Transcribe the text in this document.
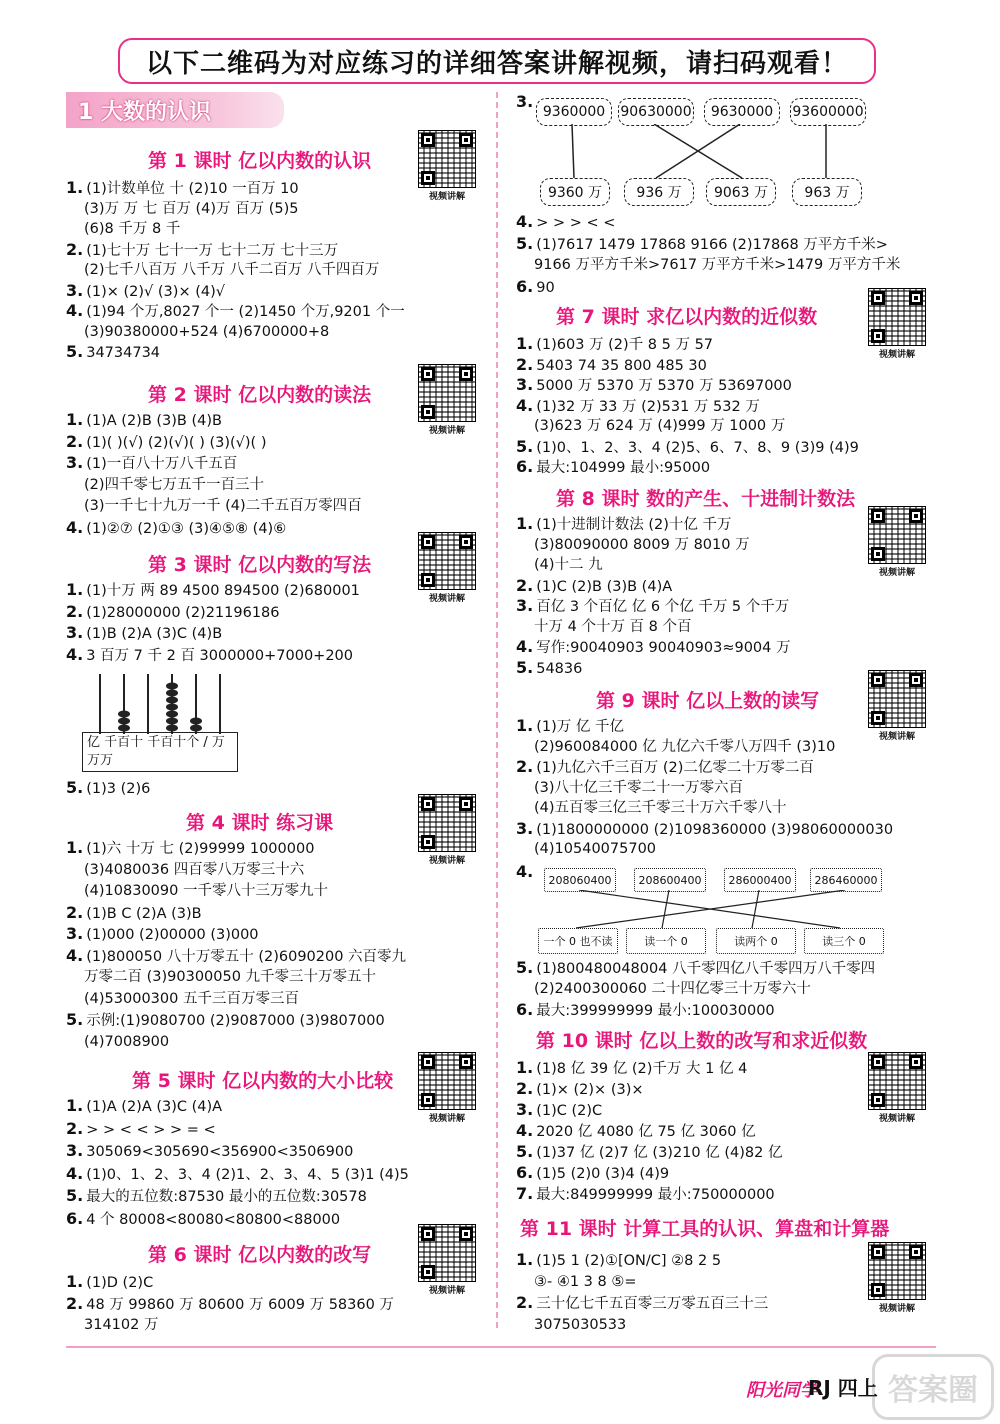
以下二维码为对应练习的详细答案讲解视频，请扫码观看！
1 大数的认识
第 1 课时 亿以内数的认识
视频讲解
1. (1)计数单位 十 (2)10 一百万 10
(3)万 万 七 百万 (4)万 百万 (5)5
(6)8 千万 8 千
2. (1)七十万 七十一万 七十二万 七十三万
(2)七千八百万 八千万 八千二百万 八千四百万
3. (1)× (2)√ (3)× (4)√
4. (1)94 个万,8027 个一 (2)1450 个万,9201 个一
(3)90380000+524 (4)6700000+8
5. 34734734
第 2 课时 亿以内数的读法
视频讲解
1. (1)A (2)B (3)B (4)B
2. (1)( )(√) (2)(√)( ) (3)(√)( )
3. (1)一百八十万八千五百
(2)四千零七万五千一百三十
(3)一千七十九万一千 (4)二千五百万零四百
4. (1)②⑦ (2)①③ (3)④⑤⑧ (4)⑥
第 3 课时 亿以内数的写法
视频讲解
1. (1)十万 两 89 4500 894500 (2)680001
2. (1)28000000 (2)21196186
3. (1)B (2)A (3)C (4)B
4. 3 百万 7 千 2 百 3000000+7000+200
亿 千百十 千百十个 / 万万万
5. (1)3 (2)6
第 4 课时 练习课
视频讲解
1. (1)六 十万 七 (2)99999 1000000
(3)4080036 四百零八万零三十六
(4)10830090 一千零八十三万零九十
2. (1)B C (2)A (3)B
3. (1)000 (2)00000 (3)000
4. (1)800050 八十万零五十 (2)6090200 六百零九
万零二百 (3)90300050 九千零三十万零五十
(4)53000300 五千三百万零三百
5. 示例:(1)9080700 (2)9087000 (3)9807000
(4)7008900
第 5 课时 亿以内数的大小比较
视频讲解
1. (1)A (2)A (3)C (4)A
2. > > < < > > = <
3. 305069<305690<356900<3506900
4. (1)0、1、2、3、4 (2)1、2、3、4、5 (3)1 (4)5
5. 最大的五位数:87530 最小的五位数:30578
6. 4 个 80008<80080<80800<88000
第 6 课时 亿以内数的改写
视频讲解
1. (1)D (2)C
2. 48 万 99860 万 80600 万 6009 万 58360 万
314102 万
3.
9360000	90630000	9630000	93600000
9360 万	936 万	9063 万	963 万
4. > > > < <
5. (1)7617 1479 17868 9166 (2)17868 万平方千米>
9166 万平方千米>7617 万平方千米>1479 万平方千米
6. 90
第 7 课时 求亿以内数的近似数
视频讲解
1. (1)603 万 (2)千 8 5 万 57
2. 5403 74 35 800 485 30
3. 5000 万 5370 万 5370 万 53697000
4. (1)32 万 33 万 (2)531 万 532 万
(3)623 万 624 万 (4)999 万 1000 万
5. (1)0、1、2、3、4 (2)5、6、7、8、9 (3)9 (4)9
6. 最大:104999 最小:95000
第 8 课时 数的产生、十进制计数法
视频讲解
1. (1)十进制计数法 (2)十亿 千万
(3)80090000 8009 万 8010 万
(4)十二 九
2. (1)C (2)B (3)B (4)A
3. 百亿 3 个百亿 亿 6 个亿 千万 5 个千万
十万 4 个十万 百 8 个百
4. 写作:90040903 90040903≈9004 万
5. 54836
第 9 课时 亿以上数的读写
视频讲解
1. (1)万 亿 千亿
(2)960084000 亿 九亿六千零八万四千 (3)10
2. (1)九亿六千三百万 (2)二亿零二十万零二百
(3)八十亿三千零二十一万零六百
(4)五百零三亿三千零三十万六千零八十
3. (1)1800000000 (2)1098360000 (3)98060000030
(4)10540075700
4.	208060400	208600400	286000400	286460000
一个 0 也不读	读一个 0	读两个 0	读三个 0
5. (1)800480048004 八千零四亿八千零四万八千零四
(2)2400300060 二十四亿零三十万零六十
6. 最大:399999999 最小:100030000
第 10 课时 亿以上数的改写和求近似数
视频讲解
1. (1)8 亿 39 亿 (2)千万 大 1 亿 4
2. (1)× (2)× (3)×
3. (1)C (2)C
4. 2020 亿 4080 亿 75 亿 3060 亿
5. (1)37 亿 (2)7 亿 (3)210 亿 (4)82 亿
6. (1)5 (2)0 (3)4 (4)9
7. 最大:849999999 最小:750000000
第 11 课时 计算工具的认识、算盘和计算器
视频讲解
1. (1)5 1 (2)①[ON/C] ②8 2 5
③- ④1 3 8 ⑤=
2. 三十亿七千五百零三万零五百三十三
3075030533
阳光同学
RJ 四上 答案圈
